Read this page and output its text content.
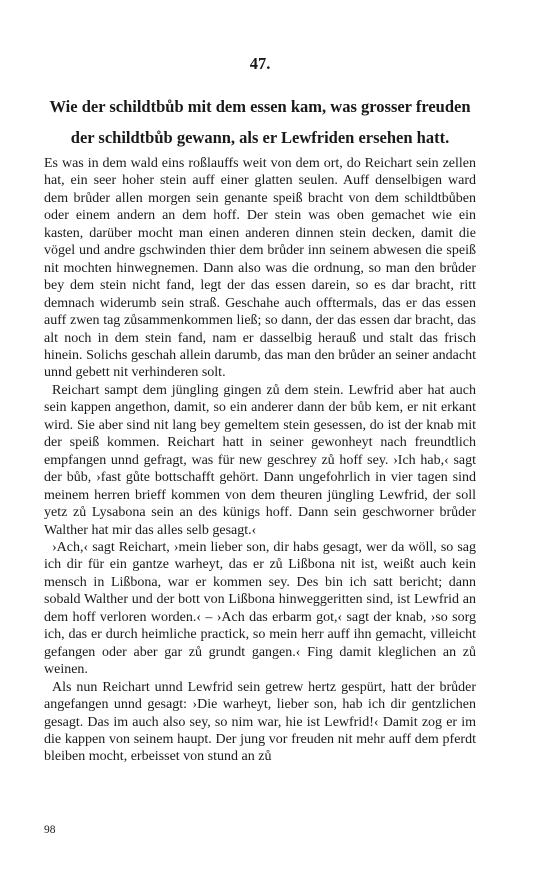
47.
Wie der schildtbůb mit dem essen kam, was grosser freuden der schildtbůb gewann, als er Lewfriden ersehen hatt.

Es was in dem wald eins roßlauffs weit von dem ort, do Reichart sein zellen hat, ein seer hoher stein auff einer glatten seulen. Auff denselbigen ward dem brůder allen morgen sein genante speiß bracht von dem schildtbůben oder einem andern an dem hoff. Der stein was oben gemachet wie ein kasten, darüber mocht man einen anderen dinnen stein decken, damit die vögel und andre gschwinden thier dem brůder inn seinem abwesen die speiß nit mochten hinwegnemen. Dann also was die ordnung, so man den brůder bey dem stein nicht fand, legt der das essen darein, so es dar bracht, ritt demnach widerumb sein straß. Geschahe auch offtermals, das er das essen auff zwen tag zůsammenkommen ließ; so dann, der das essen dar bracht, das alt noch in dem stein fand, nam er dasselbig herauß und stalt das frisch hinein. Solichs geschah allein darumb, das man den brůder an seiner andacht unnd gebett nit verhinderen solt.

Reichart sampt dem jüngling gingen zů dem stein. Lewfrid aber hat auch sein kappen angethon, damit, so ein anderer dann der bůb kem, er nit erkant wird. Sie aber sind nit lang bey gemeltem stein gesessen, do ist der knab mit der speiß kommen. Reichart hatt in seiner gewonheyt nach freundtlich empfangen unnd gefragt, was für new geschrey zů hoff sey. ›Ich hab,‹ sagt der bůb, ›fast gůte bottschafft gehört. Dann ungefohrlich in vier tagen sind meinem herren brieff kommen von dem theuren jüngling Lewfrid, der soll yetz zů Lysabona sein an des künigs hoff. Dann sein geschworner brůder Walther hat mir das alles selb gesagt.‹

›Ach,‹ sagt Reichart, ›mein lieber son, dir habs gesagt, wer da wöll, so sag ich dir für ein gantze warheyt, das er zů Lißbona nit ist, weißt auch kein mensch in Lißbona, war er kommen sey. Des bin ich satt bericht; dann sobald Walther und der bott von Lißbona hinweggeritten sind, ist Lewfrid an dem hoff verloren worden.‹ – ›Ach das erbarm got,‹ sagt der knab, ›so sorg ich, das er durch heimliche practick, so mein herr auff ihn gemacht, villeicht gefangen oder aber gar zů grundt gangen.‹ Fing damit kleglichen an zů weinen.

Als nun Reichart unnd Lewfrid sein getrew hertz gespürt, hatt der brůder angefangen unnd gesagt: ›Die warheyt, lieber son, hab ich dir gentzlichen gesagt. Das im auch also sey, so nim war, hie ist Lewfrid!‹ Damit zog er im die kappen von seinem haupt. Der jung vor freuden nit mehr auff dem pferdt bleiben mocht, erbeisset von stund an zů

98
